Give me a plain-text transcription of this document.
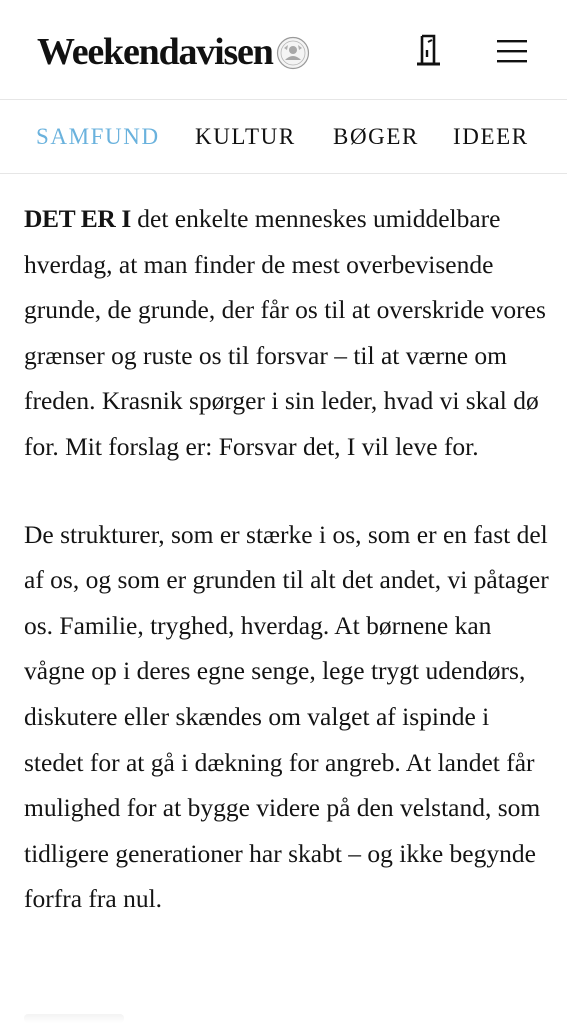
Weekendavisen
SAMFUND KULTUR BØGER IDEER

DET ER I det enkelte menneskes umiddelbare hverdag, at man finder de mest overbevisende grunde, de grunde, der får os til at overskride vores grænser og ruste os til forsvar – til at værne om freden. Krasnik spørger i sin leder, hvad vi skal dø for. Mit forslag er: Forsvar det, I vil leve for.

De strukturer, som er stærke i os, som er en fast del af os, og som er grunden til alt det andet, vi påtager os. Familie, tryghed, hverdag. At børnene kan vågne op i deres egne senge, lege trygt udendørs, diskutere eller skændes om valget af ispinde i stedet for at gå i dækning for angreb. At landet får mulighed for at bygge videre på den velstand, som tidligere generationer har skabt – og ikke begynde forfra fra nul.
